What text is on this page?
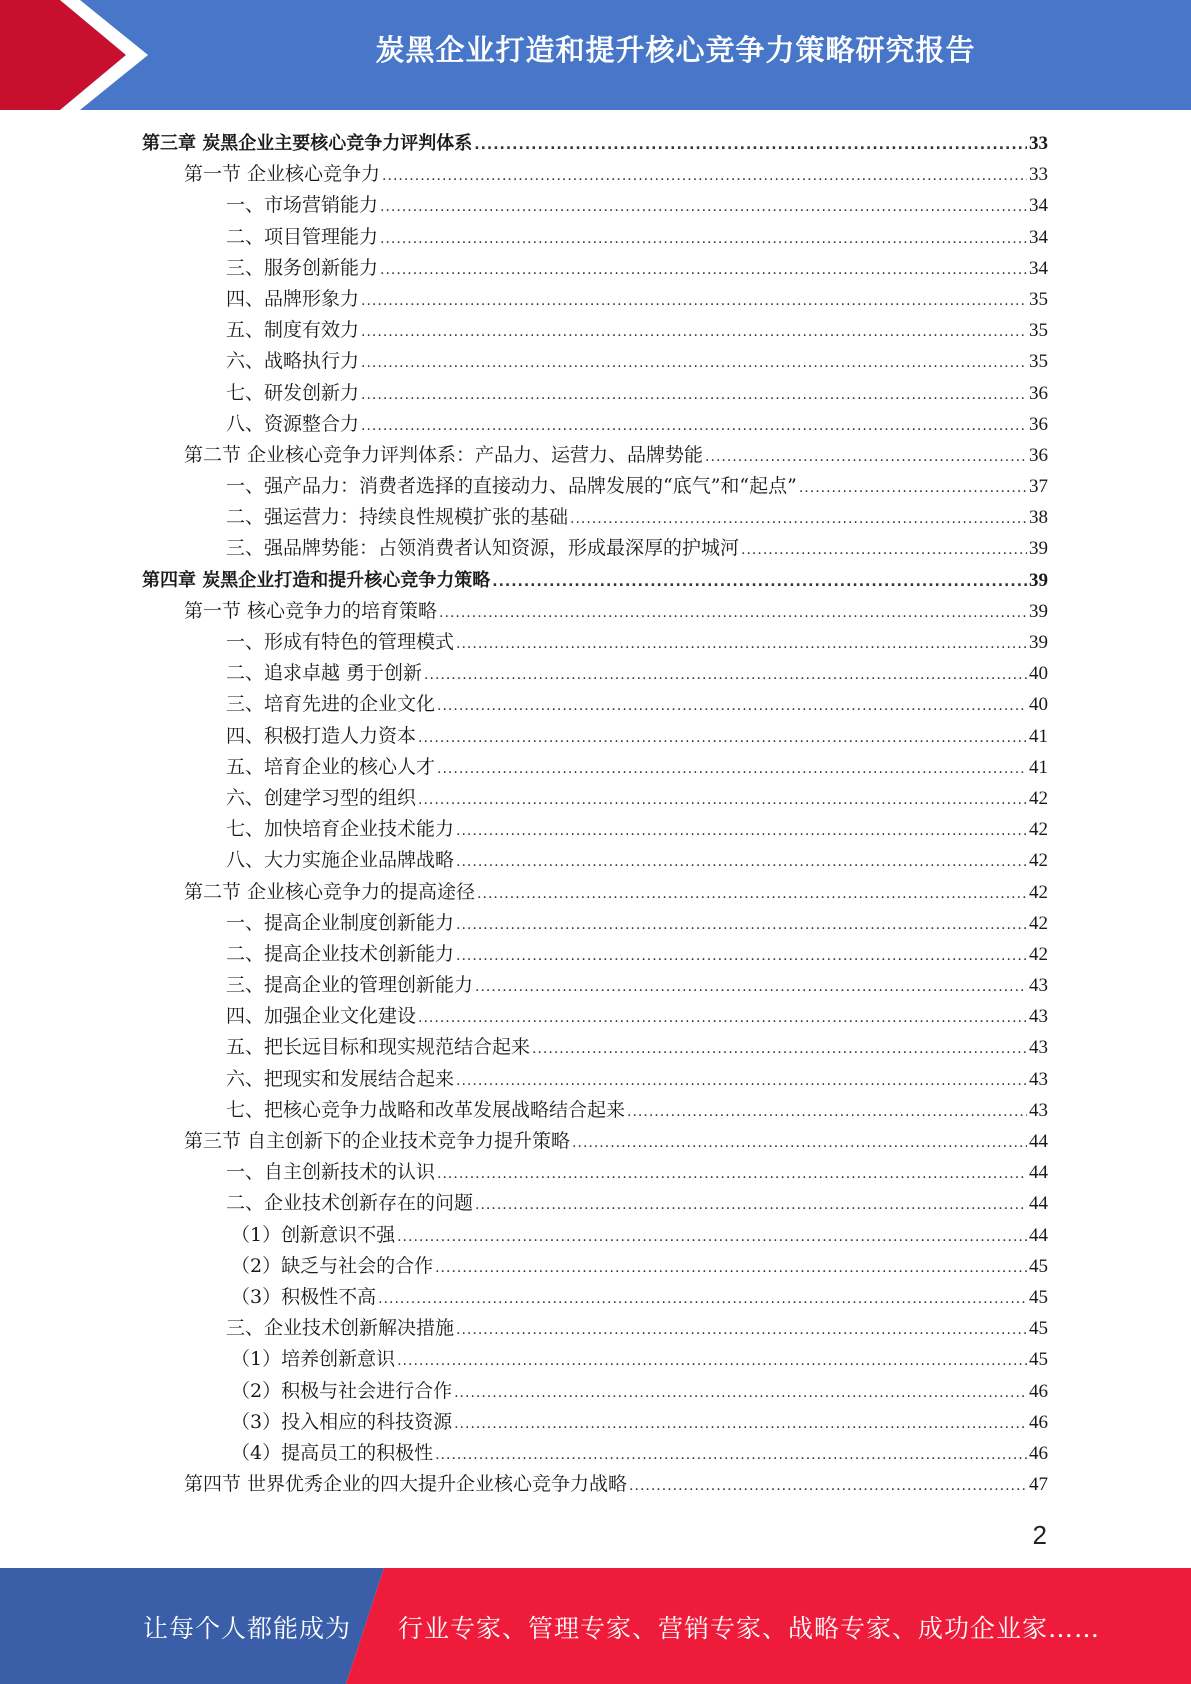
炭黑企业打造和提升核心竞争力策略研究报告
第三章 炭黑企业主要核心竞争力评判体系 .....	33
第一节 企业核心竞争力 .....	33
一、市场营销能力 .....	34
二、项目管理能力 .....	34
三、服务创新能力 .....	34
四、品牌形象力 .....	35
五、制度有效力 .....	35
六、战略执行力 .....	35
七、研发创新力 .....	36
八、资源整合力 .....	36
第二节 企业核心竞争力评判体系：产品力、运营力、品牌势能 .....	36
一、强产品力：消费者选择的直接动力、品牌发展的“底气”和“起点” .....	37
二、强运营力：持续良性规模扩张的基础 .....	38
三、强品牌势能：占领消费者认知资源，形成最深厚的护城河 .....	39
第四章 炭黑企业打造和提升核心竞争力策略 .....	39
第一节 核心竞争力的培育策略 .....	39
一、形成有特色的管理模式 .....	39
二、追求卓越 勇于创新 .....	40
三、培育先进的企业文化 .....	40
四、积极打造人力资本 .....	41
五、培育企业的核心人才 .....	41
六、创建学习型的组织 .....	42
七、加快培育企业技术能力 .....	42
八、大力实施企业品牌战略 .....	42
第二节 企业核心竞争力的提高途径 .....	42
一、提高企业制度创新能力 .....	42
二、提高企业技术创新能力 .....	42
三、提高企业的管理创新能力 .....	43
四、加强企业文化建设 .....	43
五、把长远目标和现实规范结合起来 .....	43
六、把现实和发展结合起来 .....	43
七、把核心竞争力战略和改革发展战略结合起来 .....	43
第三节 自主创新下的企业技术竞争力提升策略 .....	44
一、自主创新技术的认识 .....	44
二、企业技术创新存在的问题 .....	44
（1）创新意识不强 .....	44
（2）缺乏与社会的合作 .....	45
（3）积极性不高 .....	45
三、企业技术创新解决措施 .....	45
（1）培养创新意识 .....	45
（2）积极与社会进行合作 .....	46
（3）投入相应的科技资源 .....	46
（4）提高员工的积极性 .....	46
第四节 世界优秀企业的四大提升企业核心竞争力战略 .....	47
2
让每个人都能成为 行业专家、管理专家、营销专家、战略专家、成功企业家……
